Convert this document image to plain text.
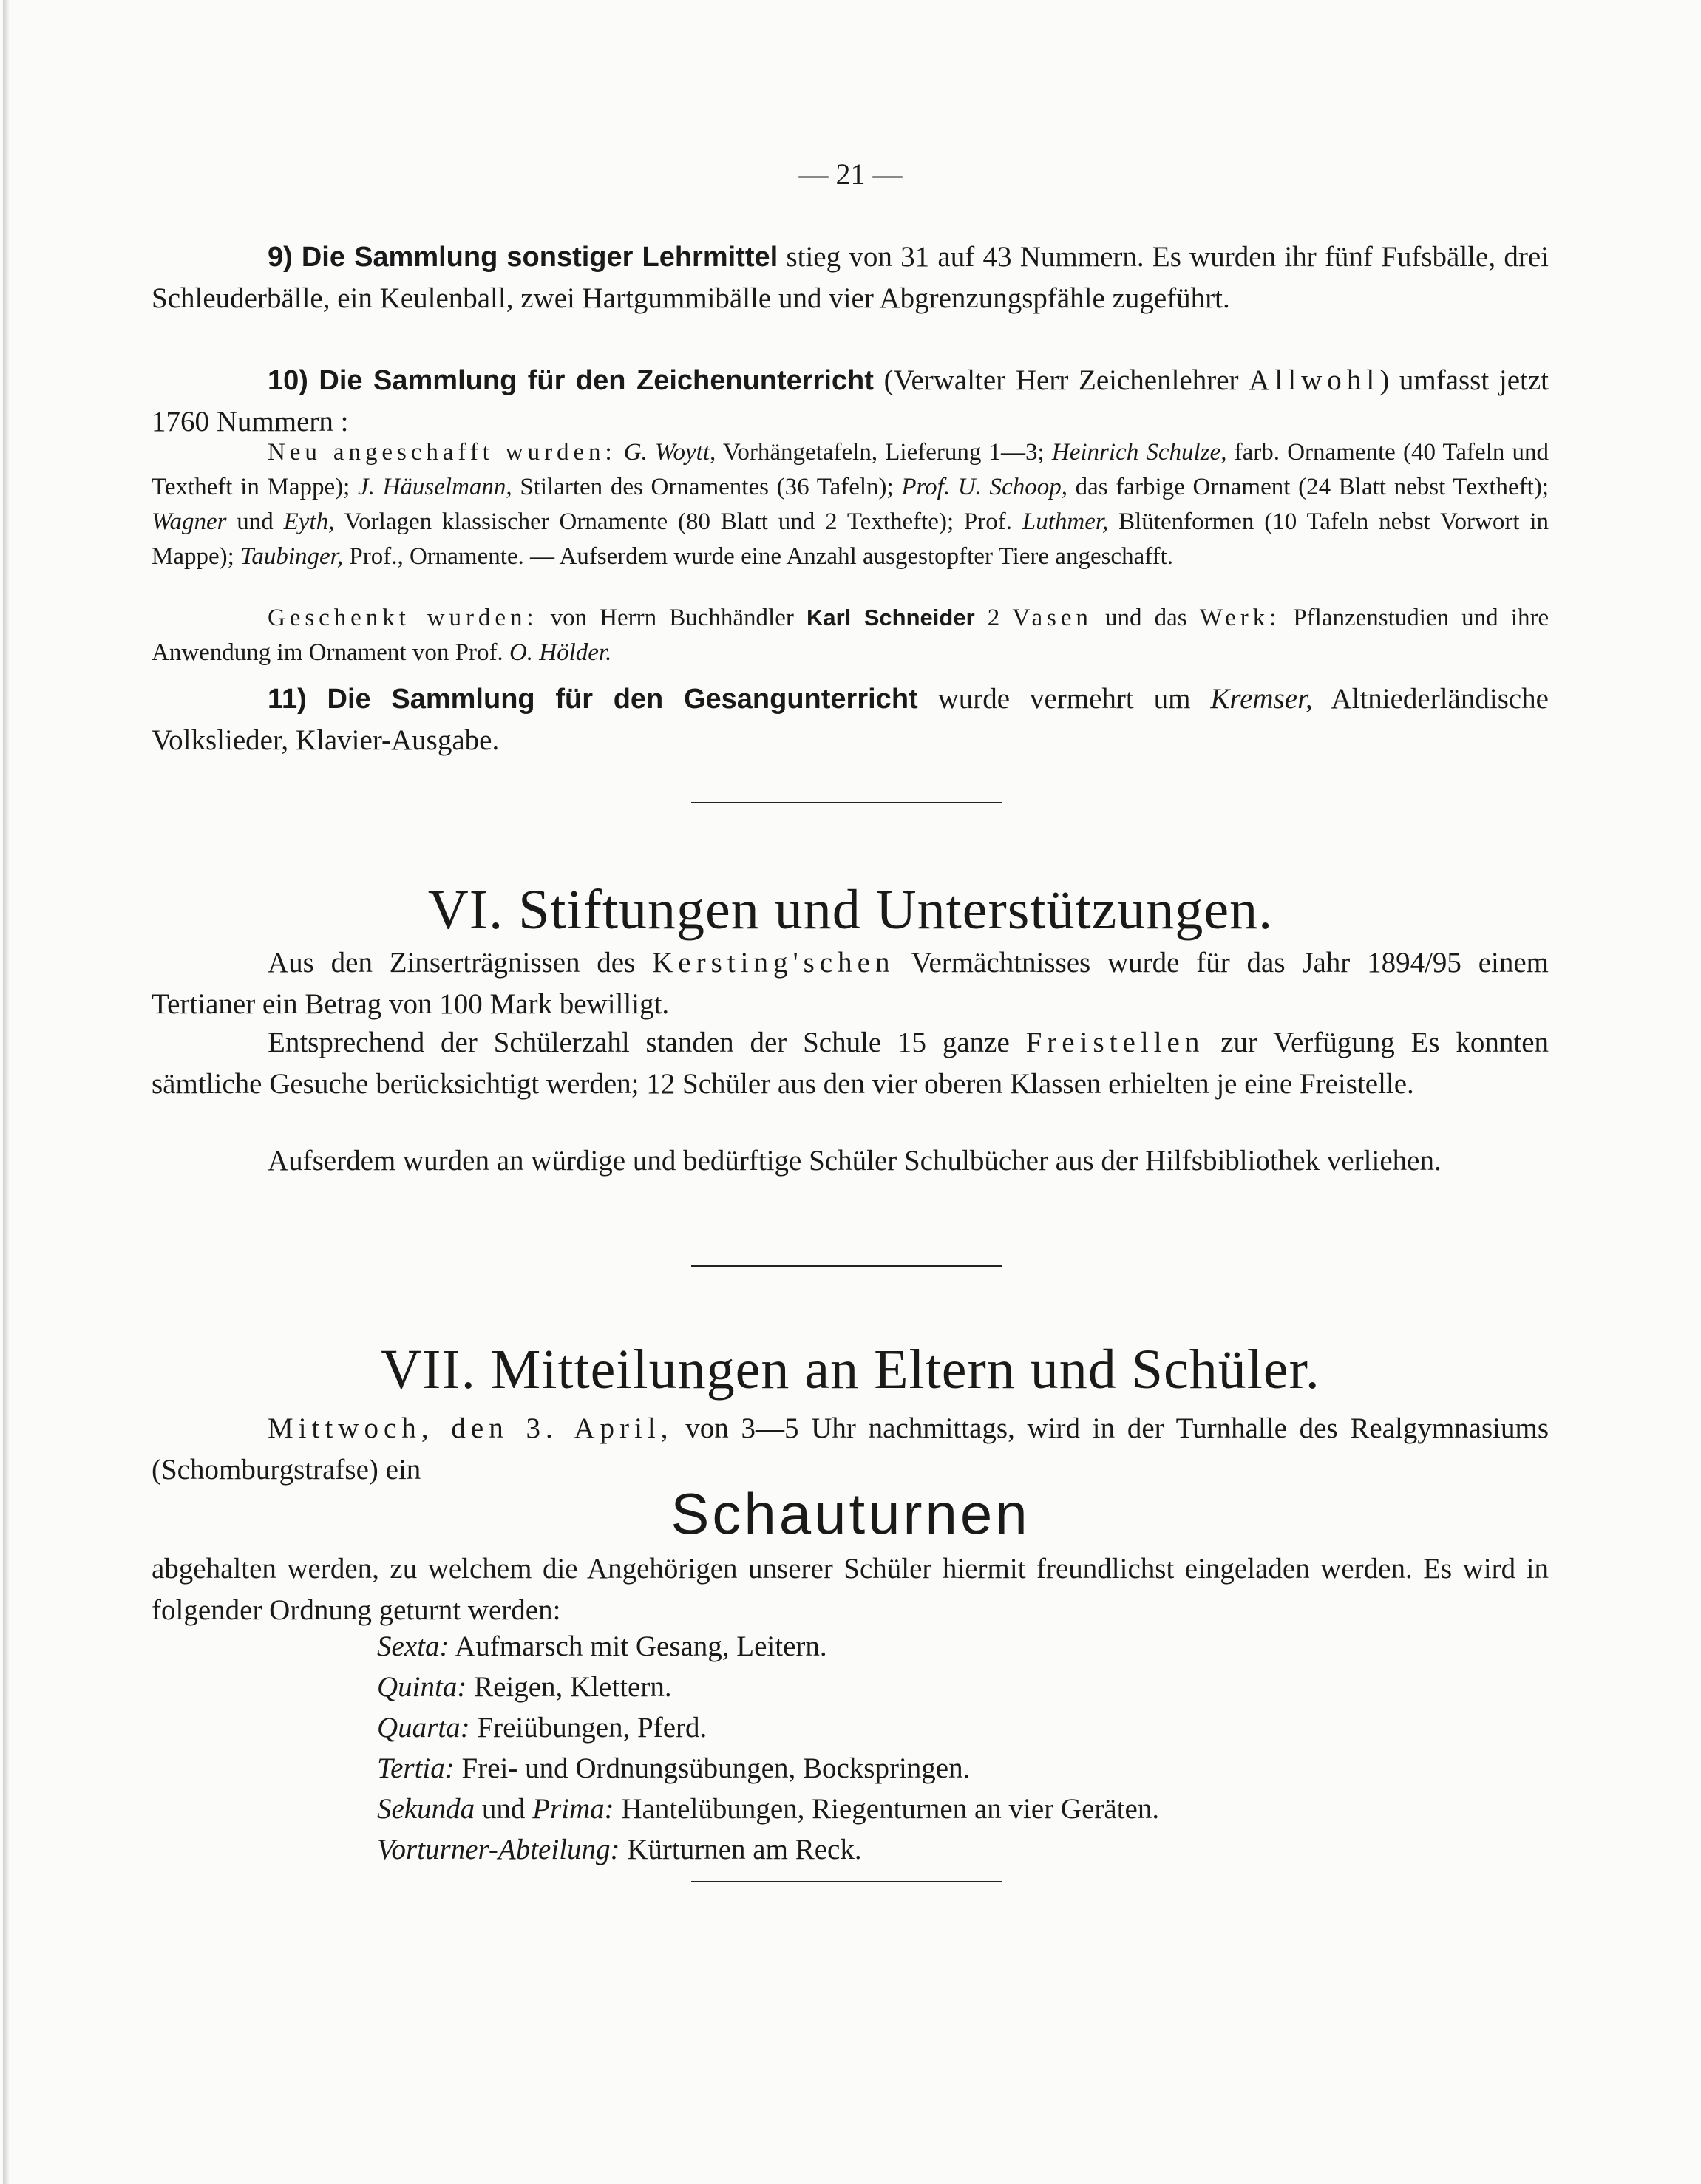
— 21 —
9) Die Sammlung sonstiger Lehrmittel stieg von 31 auf 43 Nummern. Es wurden ihr fünf Fufsbälle, drei Schleuderbälle, ein Keulenball, zwei Hartgummibälle und vier Abgrenzungspfähle zugeführt.
10) Die Sammlung für den Zeichenunterricht (Verwalter Herr Zeichenlehrer Allwohl) umfasst jetzt 1760 Nummern :
Neu angeschafft wurden: G. Woytt, Vorhängetafeln, Lieferung 1—3; Heinrich Schulze, farb. Ornamente (40 Tafeln und Textheft in Mappe); J. Häuselmann, Stilarten des Ornamentes (36 Tafeln); Prof. U. Schoop, das farbige Ornament (24 Blatt nebst Textheft); Wagner und Eyth, Vorlagen klassischer Ornamente (80 Blatt und 2 Texthefte); Prof. Luthmer, Blütenformen (10 Tafeln nebst Vorwort in Mappe); Taubinger, Prof., Ornamente. — Aufserdem wurde eine Anzahl ausgestopfter Tiere angeschafft.
Geschenkt wurden: von Herrn Buchhändler Karl Schneider 2 Vasen und das Werk: Pflanzenstudien und ihre Anwendung im Ornament von Prof. O. Hölder.
11) Die Sammlung für den Gesangunterricht wurde vermehrt um Kremser, Altniederländische Volkslieder, Klavier-Ausgabe.
VI. Stiftungen und Unterstützungen.
Aus den Zinserträgnissen des Kersting'schen Vermächtnisses wurde für das Jahr 1894/95 einem Tertianer ein Betrag von 100 Mark bewilligt.
Entsprechend der Schülerzahl standen der Schule 15 ganze Freistellen zur Verfügung Es konnten sämtliche Gesuche berücksichtigt werden; 12 Schüler aus den vier oberen Klassen erhielten je eine Freistelle.
Aufserdem wurden an würdige und bedürftige Schüler Schulbücher aus der Hilfsbibliothek verliehen.
VII. Mitteilungen an Eltern und Schüler.
Mittwoch, den 3. April, von 3—5 Uhr nachmittags, wird in der Turnhalle des Realgymnasiums (Schomburgstrafse) ein
Schauturnen
abgehalten werden, zu welchem die Angehörigen unserer Schüler hiermit freundlichst eingeladen werden. Es wird in folgender Ordnung geturnt werden:
Sexta: Aufmarsch mit Gesang, Leitern.
Quinta: Reigen, Klettern.
Quarta: Freiübungen, Pferd.
Tertia: Frei- und Ordnungsübungen, Bockspringen.
Sekunda und Prima: Hantelübungen, Riegenturnen an vier Geräten.
Vorturner-Abteilung: Kürturnen am Reck.
